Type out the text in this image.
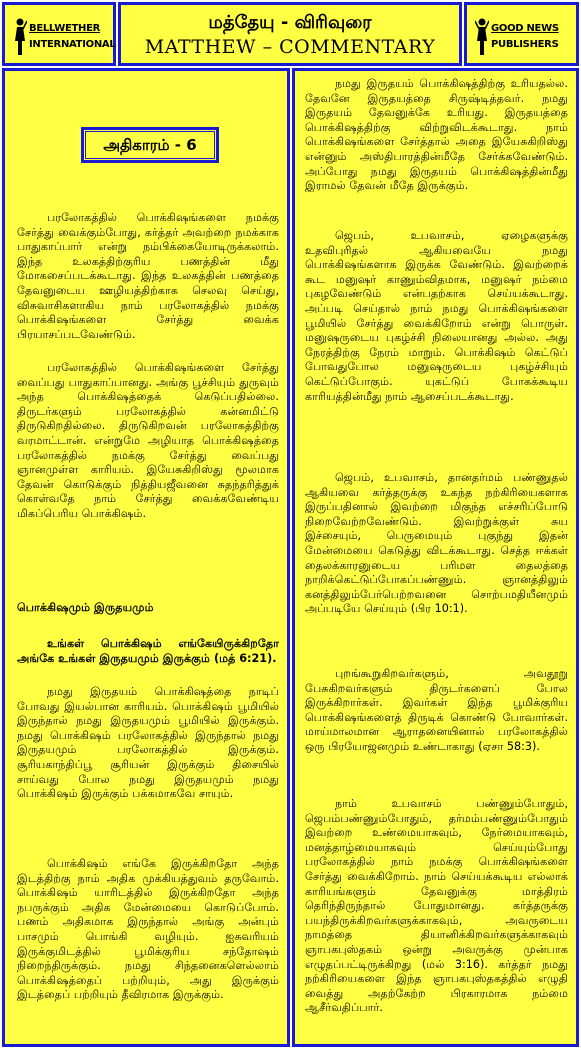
BELLWETHER
INTERNATIONAL
மத்தேயு - விரிவுரை
MATTHEW – COMMENTARY
GOOD NEWS
PUBLISHERS
அதிகாரம் - 6
பரலோகத்தில் பொக்கிஷங்களை நமக்கு சேர்த்து வைக்கும்போது, கர்த்தர் அவற்றை நமக்காக பாதுகாப்பார் என்று நம்பிக்கையோடிருக்கலாம். இந்த உலகத்திற்குரிய பணத்தின் மீது மோகசைப்படக்கூடாது. இந்த உலகத்தின் பணத்தை தேவனுடைய ஊழியத்திற்காக செலவு செய்து, விசுவாசிகளாகிய நாம் பரலோகத்தில் நமக்கு பொக்கிஷங்களை சேர்த்து வைக்க பிரயாசப்படவேண்டும்.
பரலோகத்தில் பொக்கிஷங்களை சேர்த்து வைப்பது பாதுகாப்பானது. அங்கு பூச்சியும் துருவும் அந்த பொக்கிஷத்தைக் கெடுப்பதில்லை. திருடர்களும் பரலோகத்தில் கன்னமிட்டு திருடுகிறதில்லை. திருடுகிறவன் பரலோகத்திற்கு வரமாட்டான். என்றுமே அழியாத பொக்கிஷத்தை பரலோகத்தில் நமக்கு சேர்த்து வைப்பது ஞானமுள்ள காரியம். இயேசுகிறிஸ்து மூலமாக தேவன் கொடுக்கும் நித்தியஜீவனை சுதந்தரித்துக் கொள்வதே நாம் சேர்த்து வைக்கவேண்டிய மிகப்பெரிய பொக்கிஷம்.
பொக்கிஷமும் இருதயமும்
உங்கள் பொக்கிஷம் எங்கேயிருக்கிறதோ அங்கே உங்கள் இருதயமும் இருக்கும் (மத் 6:21).
நமது இருதயம் பொக்கிஷத்தை நாடிப் போவது இயல்பான காரியம். பொக்கிஷம் பூமியில் இருந்தால் நமது இருதயமும் பூமியில் இருக்கும். நமது பொக்கிஷம் பரலோகத்தில் இருந்தால் நமது இருதயமும் பரலோகத்தில் இருக்கும். சூரியகாந்திப்பூ சூரியன் இருக்கும் திசையில் சாய்வது போல நமது இருதயமும் நமது பொக்கிஷம் இருக்கும் பக்கமாகவே சாயும்.
பொக்கிஷம் எங்கே இருக்கிறதோ அந்த இடத்திற்கு நாம் அதிக முக்கியத்துவம் தருவோம். பொக்கிஷம் யாரிடத்தில் இருக்கிறதோ அந்த நபருக்கும் அதிக மேன்மையை கொடுப்போம். பணம் அதிகமாக இருந்தால் அங்கு அன்பும் பாசமும் பொங்கி வழியும். ஐசுவரியம் இருக்குமிடத்தில் பூமிக்குரிய சந்தோஷம் நிறைந்திருக்கும். நமது சிந்தனைகளெல்லாம் பொக்கிஷத்தைப் பற்றியும், அது இருக்கும் இடத்தைப் பற்றியும் தீவிரமாக இருக்கும்.
நமது இருதயம் பொக்கிஷத்திற்கு உரியதல்ல. தேவனே இருதயத்தை சிருஷ்டித்தவர். நமது இருதயம் தேவனுக்கே உரியது. இருதயத்தை பொக்கிஷத்திற்கு விற்றுவிடக்கூடாது. நாம் பொக்கிஷங்களை சேர்த்தால் அதை இயேசுகிறிஸ்து என்னும் அஸ்திபாரத்தின்மீதே சேர்க்கவேண்டும். அப்போது நமது இருதயம் பொக்கிஷத்தின்மீது இராமல் தேவன் மீதே இருக்கும்.
ஜெபம், உபவாசம், ஏழைகளுக்கு உதவிபுரிதல் ஆகியவையே நமது பொக்கிஷங்களாக இருக்க வேண்டும். இவற்றைக் கூட மனுஷர் காணும்விதமாக, மனுஷர் நம்மை புகழவேண்டும் என்பதற்காக செய்யக்கூடாது. அப்படி செய்தால் நாம் நமது பொக்கிஷங்களை பூமியில் சேர்த்து வைக்கிறோம் என்று பொருள். மனுஷருடைய புகழ்ச்சி நிலையானது அல்ல. அது நேரத்திற்கு நேரம் மாறும். பொக்கிஷம் கெட்டுப் போவதுபோல மனுஷருடைய புகழ்ச்சியும் கெட்டுப்போகும். யுகட்டுப் போகக்கூடிய காரியத்தின்மீது நாம் ஆசைப்படக்கூடாது.
ஜெபம், உபவாசம், தானதர்மம் பண்ணுதல் ஆகியவை கர்த்தருக்கு உகந்த நற்கிரியைகளாக இருப்பதினால் இவற்றை மிகுந்த எச்சரிப்போடு நிறைவேற்றவேண்டும். இவற்றுக்குள் சுய இச்சையும், பெருமையும் புகுந்து இதன் மேன்மையை கெடுத்து விடக்கூடாது. செத்த ஈக்கள் தைலக்காரனுடைய பரிமள தைலத்தை நாறிக்கெட்டுப்போகப்பண்ணும். ஞானத்திலும் கனத்திலும்பேர்பெற்றவனை சொற்பமதியீனமும் அப்படியே செய்யும் (பிர 10:1).
புறங்கூறுகிறவர்களும், அவதூறு பேசுகிறவர்களும் திருடர்களைப் போல இருக்கிறார்கள். இவர்கள் இந்த பூமிக்குரிய பொக்கிஷங்களைத் திருடிக் கொண்டு போவார்கள். மாய்மாலமான ஆராதனையினால் பரலோகத்தில் ஒரு பிரயோஜனமும் உண்டாகாது (ஏசா 58:3).
நாம் உபவாசம் பண்ணும்போதும், ஜெபம்பண்ணும்போதும், தர்மம்பண்ணும்போதும் இவற்றை உண்மையாகவும், நேர்மையாகவும், மனத்தாழ்மையாகவும் செய்யும்போது பரலோகத்தில் நாம் நமக்கு பொக்கிஷங்களை சேர்த்து வைக்கிறோம். நாம் செய்யக்கூடிய எல்லாக் காரியங்களும் தேவனுக்கு மாத்திரம் தெரிந்திருந்தால் போதுமானது. கர்த்தருக்கு பயந்திருக்கிறவர்களுக்காகவும், அவருடைய நாமத்தை தியானிக்கிறவர்களுக்காகவும் ஞாபகபுஸ்தகம் ஒன்று அவருக்கு முன்பாக எழுதப்பட்டிருக்கிறது (மல் 3:16). கர்த்தர் நமது நற்கிரியைகளை இந்த ஞாபகபுஸ்தகத்தில் எழுதி வைத்து அதற்கேற்ற பிரகாரமாக நம்மை ஆசீர்வதிப்பார்.
